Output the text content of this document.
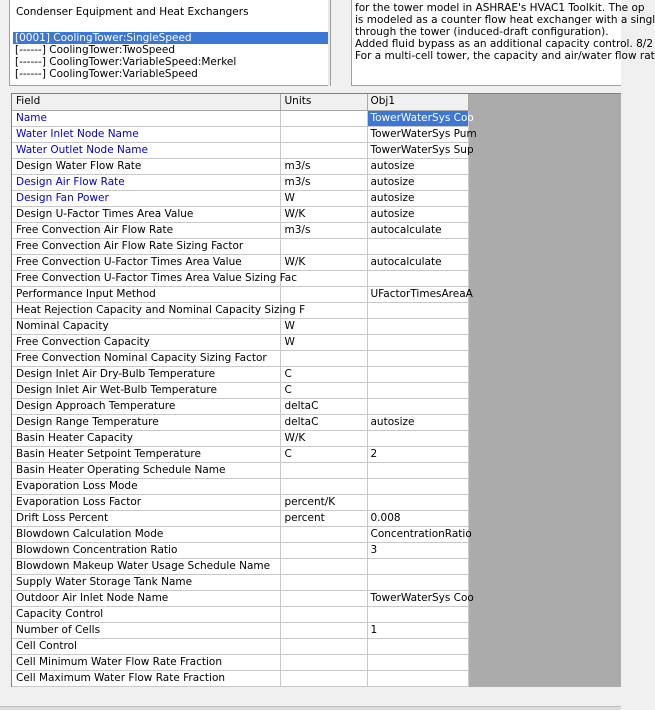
Condenser Equipment and Heat Exchangers
[0001] CoolingTower:SingleSpeed
[------] CoolingTower:TwoSpeed
[------] CoolingTower:VariableSpeed:Merkel
[------] CoolingTower:VariableSpeed
for the tower model in ASHRAE's HVAC1 Toolkit. The op
is modeled as a counter flow heat exchanger with a singl
through the tower (induced-draft configuration).
Added fluid bypass as an additional capacity control. 8/2
For a multi-cell tower, the capacity and air/water flow rat
Field	Units	Obj1
Name		TowerWaterSys Coo
Water Inlet Node Name		TowerWaterSys Pum
Water Outlet Node Name		TowerWaterSys Sup
Design Water Flow Rate	m3/s	autosize
Design Air Flow Rate	m3/s	autosize
Design Fan Power	W	autosize
Design U-Factor Times Area Value	W/K	autosize
Free Convection Air Flow Rate	m3/s	autocalculate
Free Convection Air Flow Rate Sizing Factor		
Free Convection U-Factor Times Area Value	W/K	autocalculate
Free Convection U-Factor Times Area Value Sizing Fac		
Performance Input Method		UFactorTimesAreaA
Heat Rejection Capacity and Nominal Capacity Sizing F		
Nominal Capacity	W	
Free Convection Capacity	W	
Free Convection Nominal Capacity Sizing Factor		
Design Inlet Air Dry-Bulb Temperature	C	
Design Inlet Air Wet-Bulb Temperature	C	
Design Approach Temperature	deltaC	
Design Range Temperature	deltaC	autosize
Basin Heater Capacity	W/K	
Basin Heater Setpoint Temperature	C	2
Basin Heater Operating Schedule Name		
Evaporation Loss Mode		
Evaporation Loss Factor	percent/K	
Drift Loss Percent	percent	0.008
Blowdown Calculation Mode		ConcentrationRatio
Blowdown Concentration Ratio		3
Blowdown Makeup Water Usage Schedule Name		
Supply Water Storage Tank Name		
Outdoor Air Inlet Node Name		TowerWaterSys Coo
Capacity Control		
Number of Cells		1
Cell Control		
Cell Minimum Water Flow Rate Fraction		
Cell Maximum Water Flow Rate Fraction		
